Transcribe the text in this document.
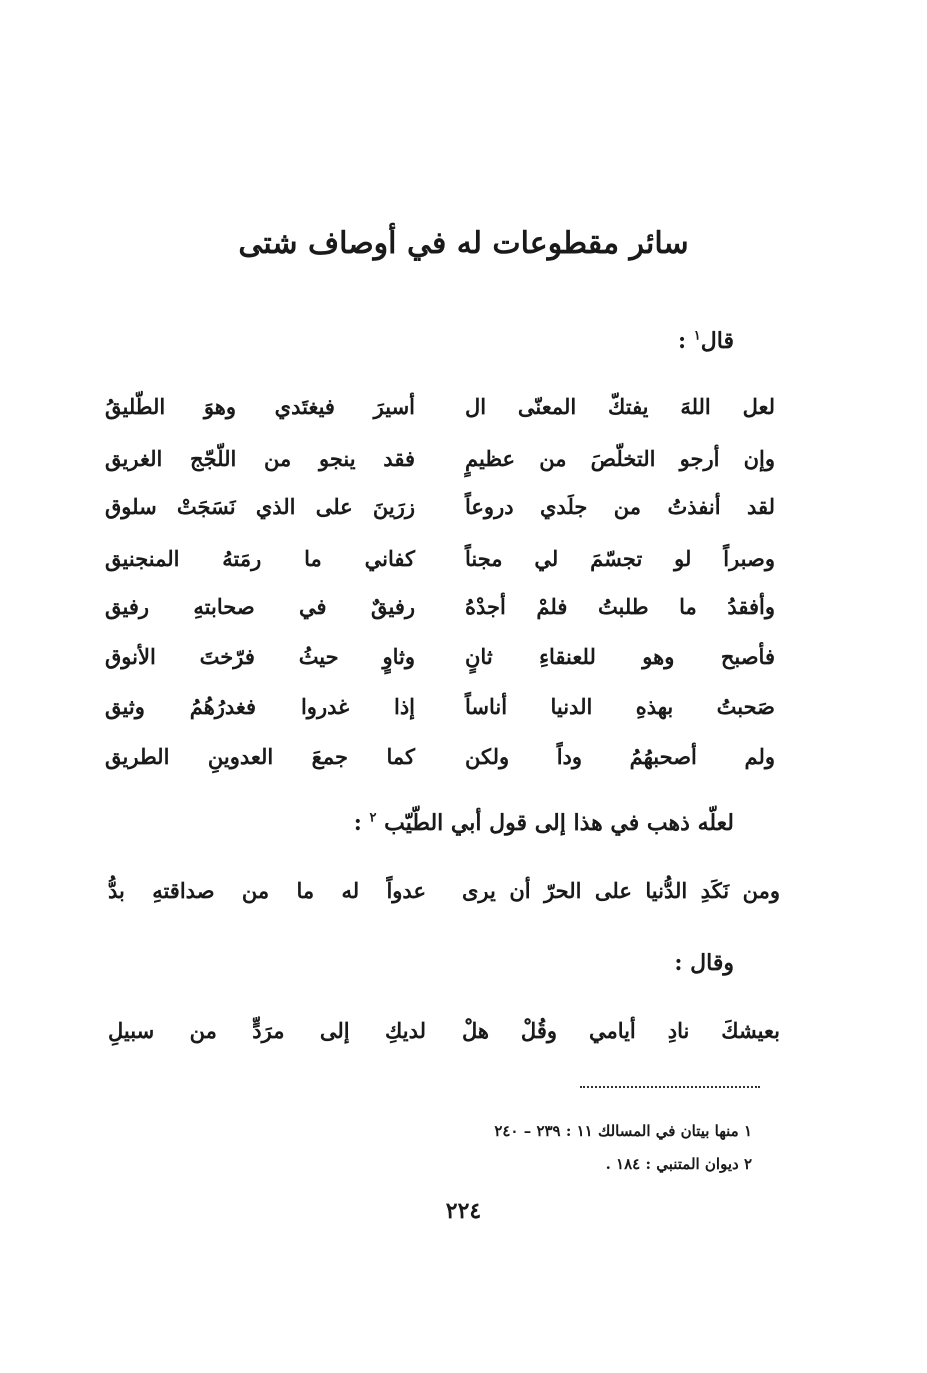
سائر مقطوعات له في أوصاف شتى

قال$^١$ :

لعل اللهَ يفتكّ المعنّى ال
أسيرَ فيغتَدي وهوَ الطّليقُ
وإن أرجو التخلّصَ من عظيمٍ
فقد ينجو من اللّجّج الغريق
لقد أنفذتُ من جلَدي دروعاً
زرَينَ على الذي نَسَجَتْ سلوق
وصبراً لو تجسّمَ لي مجناً
كفاني ما رمَتهُ المنجنيق
وأفقدُ ما طلبتُ فلمْ أجدْهُ
رفيقٌ في صحابتهِ رفيق
فأصبح وهو للعنقاءِ ثانٍ
وثاوٍ حيثُ فرّختَ الأنوق
صَحبتُ بهذهِ الدنيا أناساً
إذا غدروا فغدرُهُمُ وثيق
ولم أصحبهُمُ وداً ولكن
كما جمعَ العدوينِ الطريق

لعلّه ذهب في هذا إلى قول أبي الطّيّب $^٢$ :

ومن نَكَدِ الدُّنيا على الحرّ أن يرى
عدواً له ما من صداقتهِ بدُّ

وقال :

بعيشكَ نادِ أيامي وقُلْ هلْ
لديكِ إلى مرَدٍّ من سبيلِ

١ منها بيتان في المسالك ١١ : ٢٣٩ – ٢٤٠

٢ ديوان المتنبي : ١٨٤ .

٢٢٤
